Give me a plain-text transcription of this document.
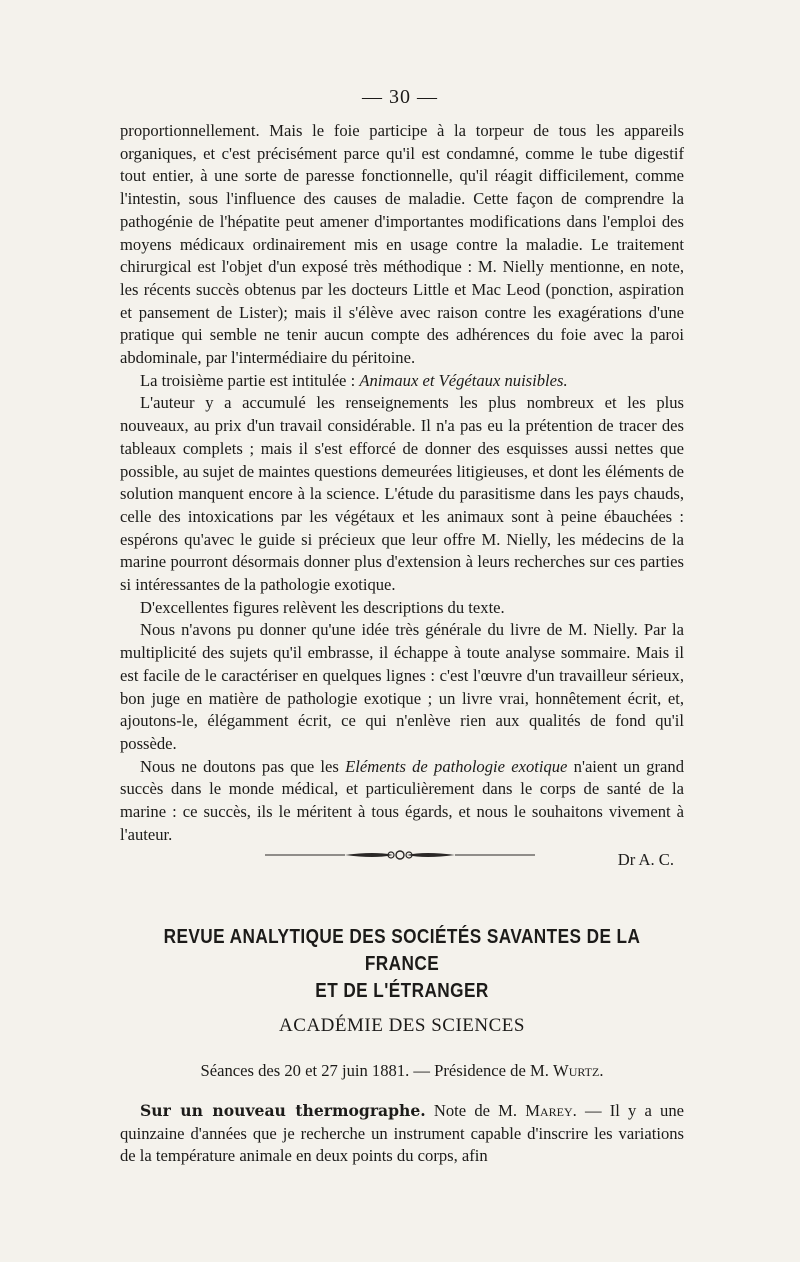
— 30 —

proportionnellement. Mais le foie participe à la torpeur de tous les appareils organiques, et c'est précisément parce qu'il est condamné, comme le tube digestif tout entier, à une sorte de paresse fonctionnelle, qu'il réagit difficilement, comme l'intestin, sous l'influence des causes de maladie. Cette façon de comprendre la pathogénie de l'hépatite peut amener d'importantes modifications dans l'emploi des moyens médicaux ordinairement mis en usage contre la maladie. Le traitement chirurgical est l'objet d'un exposé très méthodique : M. Nielly mentionne, en note, les récents succès obtenus par les docteurs Little et Mac Leod (ponction, aspiration et pansement de Lister); mais il s'élève avec raison contre les exagérations d'une pratique qui semble ne tenir aucun compte des adhérences du foie avec la paroi abdominale, par l'intermédiaire du péritoine.

La troisième partie est intitulée : Animaux et Végétaux nuisibles.

L'auteur y a accumulé les renseignements les plus nombreux et les plus nouveaux, au prix d'un travail considérable. Il n'a pas eu la prétention de tracer des tableaux complets ; mais il s'est efforcé de donner des esquisses aussi nettes que possible, au sujet de maintes questions demeurées litigieuses, et dont les éléments de solution manquent encore à la science. L'étude du parasitisme dans les pays chauds, celle des intoxications par les végétaux et les animaux sont à peine ébauchées : espérons qu'avec le guide si précieux que leur offre M. Nielly, les médecins de la marine pourront désormais donner plus d'extension à leurs recherches sur ces parties si intéressantes de la pathologie exotique.

D'excellentes figures relèvent les descriptions du texte.

Nous n'avons pu donner qu'une idée très générale du livre de M. Nielly. Par la multiplicité des sujets qu'il embrasse, il échappe à toute analyse sommaire. Mais il est facile de le caractériser en quelques lignes : c'est l'œuvre d'un travailleur sérieux, bon juge en matière de pathologie exotique ; un livre vrai, honnêtement écrit, et, ajoutons-le, élégamment écrit, ce qui n'enlève rien aux qualités de fond qu'il possède.

Nous ne doutons pas que les Eléments de pathologie exotique n'aient un grand succès dans le monde médical, et particulièrement dans le corps de santé de la marine : ce succès, ils le méritent à tous égards, et nous le souhaitons vivement à l'auteur.

Dr A. C.
REVUE ANALYTIQUE DES SOCIÉTÉS SAVANTES DE LA FRANCE
ET DE L'ÉTRANGER
ACADÉMIE DES SCIENCES
Séances des 20 et 27 juin 1881. — Présidence de M. Wurtz.
Sur un nouveau thermographe. Note de M. Marey. — Il y a une quinzaine d'années que je recherche un instrument capable d'inscrire les variations de la température animale en deux points du corps, afin
